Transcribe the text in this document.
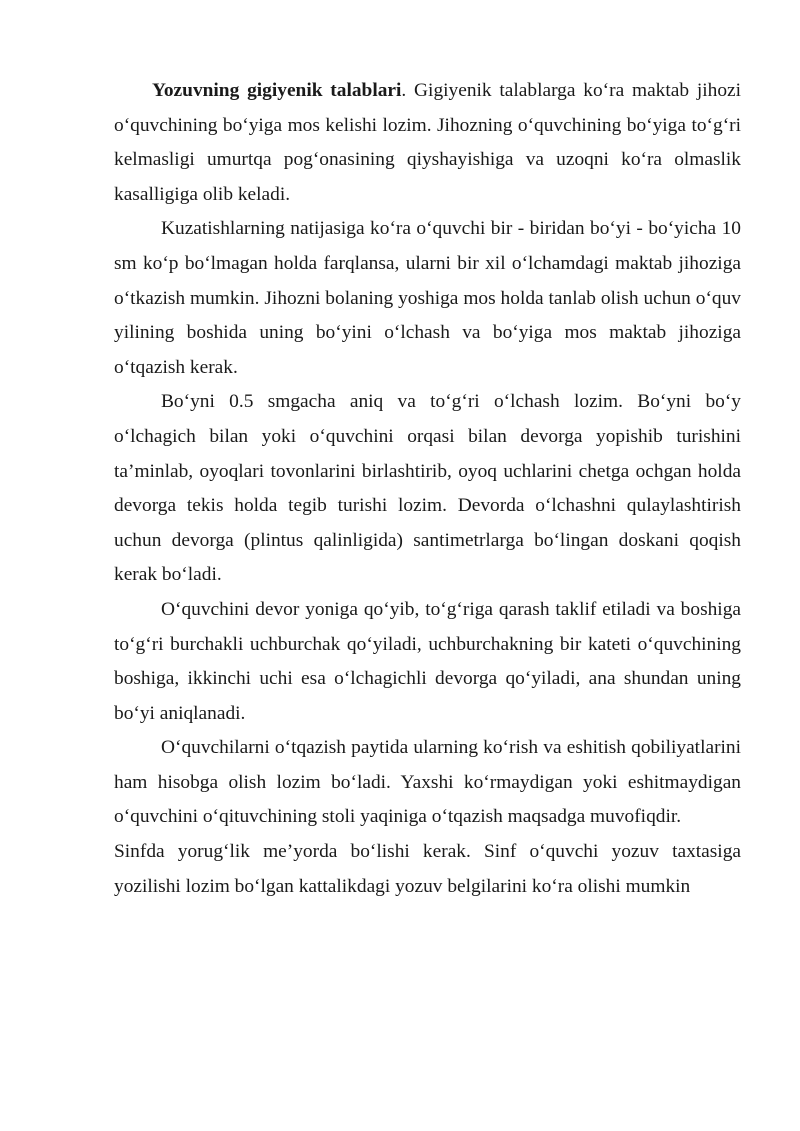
Yozuvning gigiyenik talablari. Gigiyenik talablarga ko‘ra maktab jihozi o‘quvchining bo‘yiga mos kelishi lozim. Jihozning o‘quvchining bo‘yiga to‘g‘ri kelmasligi umurtqa pog‘onasining qiyshayishiga va uzoqni ko‘ra olmaslik kasalligiga olib keladi.

Kuzatishlarning natijasiga ko‘ra o‘quvchi bir - biridan bo‘yi - bo‘yicha 10 sm ko‘p bo‘lmagan holda farqlansa, ularni bir xil o‘lchamdagi maktab jihoziga o‘tkazish mumkin. Jihozni bolaning yoshiga mos holda tanlab olish uchun o‘quv yilining boshida uning bo‘yini o‘lchash va bo‘yiga mos maktab jihoziga o‘tqazish kerak.

Bo‘yni 0.5 smgacha aniq va to‘g‘ri o‘lchash lozim. Bo‘yni bo‘y o‘lchagich bilan yoki o‘quvchini orqasi bilan devorga yopishib turishini ta’minlab, oyoqlari tovonlarini birlashtirib, oyoq uchlarini chetga ochgan holda devorga tekis holda tegib turishi lozim. Devorda o‘lchashni qulaylashtirish uchun devorga (plintus qalinligida) santimetrlarga bo‘lingan doskani qoqish kerak bo‘ladi.

O‘quvchini devor yoniga qo‘yib, to‘g‘riga qarash taklif etiladi va boshiga to‘g‘ri burchakli uchburchak qo‘yiladi, uchburchakning bir kateti o‘quvchining boshiga, ikkinchi uchi esa o‘lchagichli devorga qo‘yiladi, ana shundan uning bo‘yi aniqlanadi.

O‘quvchilarni o‘tqazish paytida ularning ko‘rish va eshitish qobiliyatlarini ham hisobga olish lozim bo‘ladi. Yaxshi ko‘rmaydigan yoki eshitmaydigan o‘quvchini o‘qituvchining stoli yaqiniga o‘tqazish maqsadga muvofiqdir.

Sinfda yorug‘lik me’yorda bo‘lishi kerak. Sinf o‘quvchi yozuv taxtasiga yozilishi lozim bo‘lgan kattalikdagi yozuv belgilarini ko‘ra olishi mumkin
